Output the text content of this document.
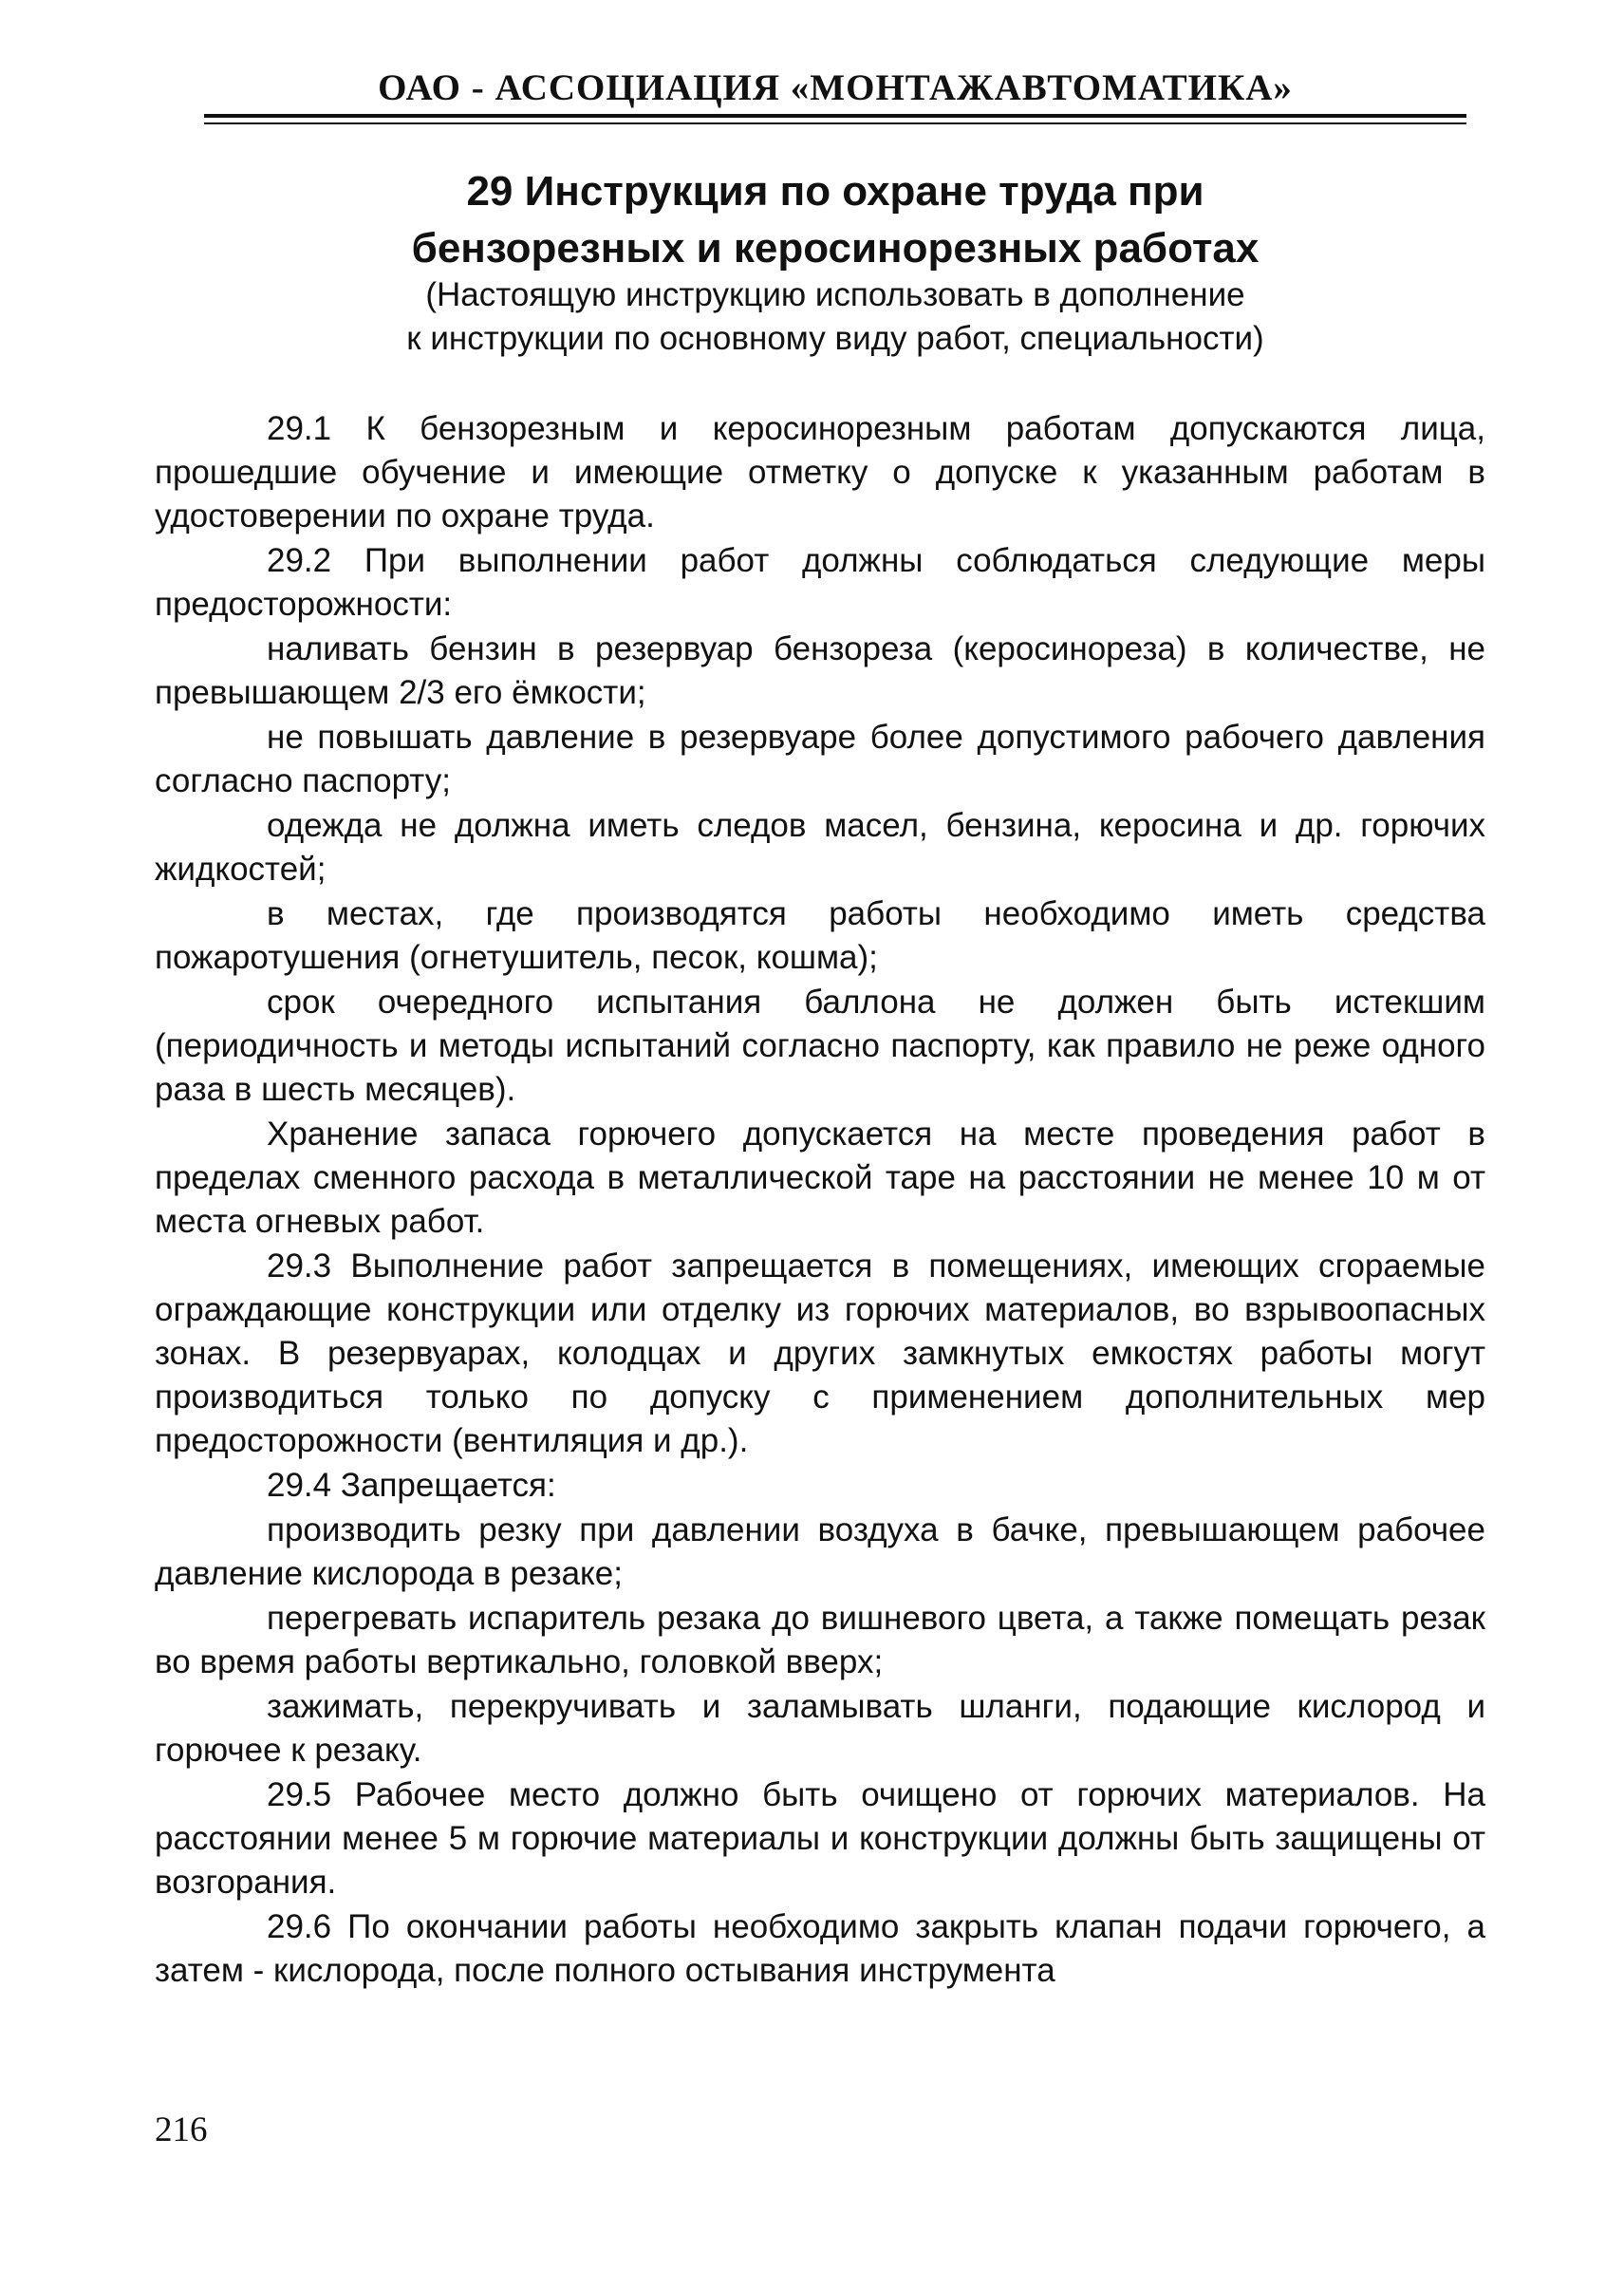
ОАО - АССОЦИАЦИЯ «МОНТАЖАВТОМАТИКА»
29 Инструкция по охране труда при
бензорезных и керосинорезных работах
(Настоящую инструкцию использовать в дополнение
к инструкции по основному виду работ, специальности)

29.1 К бензорезным и керосинорезным работам допускаются лица, прошедшие обучение и имеющие отметку о допуске к указанным работам в удостоверении по охране труда.

29.2 При выполнении работ должны соблюдаться следующие меры предосторожности:

наливать бензин в резервуар бензореза (керосинореза) в количестве, не превышающем 2/3 его ёмкости;

не повышать давление в резервуаре более допустимого рабочего давления согласно паспорту;

одежда не должна иметь следов масел, бензина, керосина и др. горючих жидкостей;

в местах, где производятся работы необходимо иметь средства пожаротушения (огнетушитель, песок, кошма);

срок очередного испытания баллона не должен быть истекшим (периодичность и методы испытаний согласно паспорту, как правило не реже одного раза в шесть месяцев).

Хранение запаса горючего допускается на месте проведения работ в пределах сменного расхода в металлической таре на расстоянии не менее 10 м от места огневых работ.

29.3 Выполнение работ запрещается в помещениях, имеющих сгораемые ограждающие конструкции или отделку из горючих материалов, во взрывоопасных зонах. В резервуарах, колодцах и других замкнутых емкостях работы могут производиться только по допуску с применением дополнительных мер предосторожности (вентиляция и др.).

29.4 Запрещается:

производить резку при давлении воздуха в бачке, превышающем рабочее давление кислорода в резаке;

перегревать испаритель резака до вишневого цвета, а также помещать резак во время работы вертикально, головкой вверх;

зажимать, перекручивать и заламывать шланги, подающие кислород и горючее к резаку.

29.5 Рабочее место должно быть очищено от горючих материалов. На расстоянии менее 5 м горючие материалы и конструкции должны быть защищены от возгорания.

29.6 По окончании работы необходимо закрыть клапан подачи горючего, а затем - кислорода, после полного остывания инструмента

216
